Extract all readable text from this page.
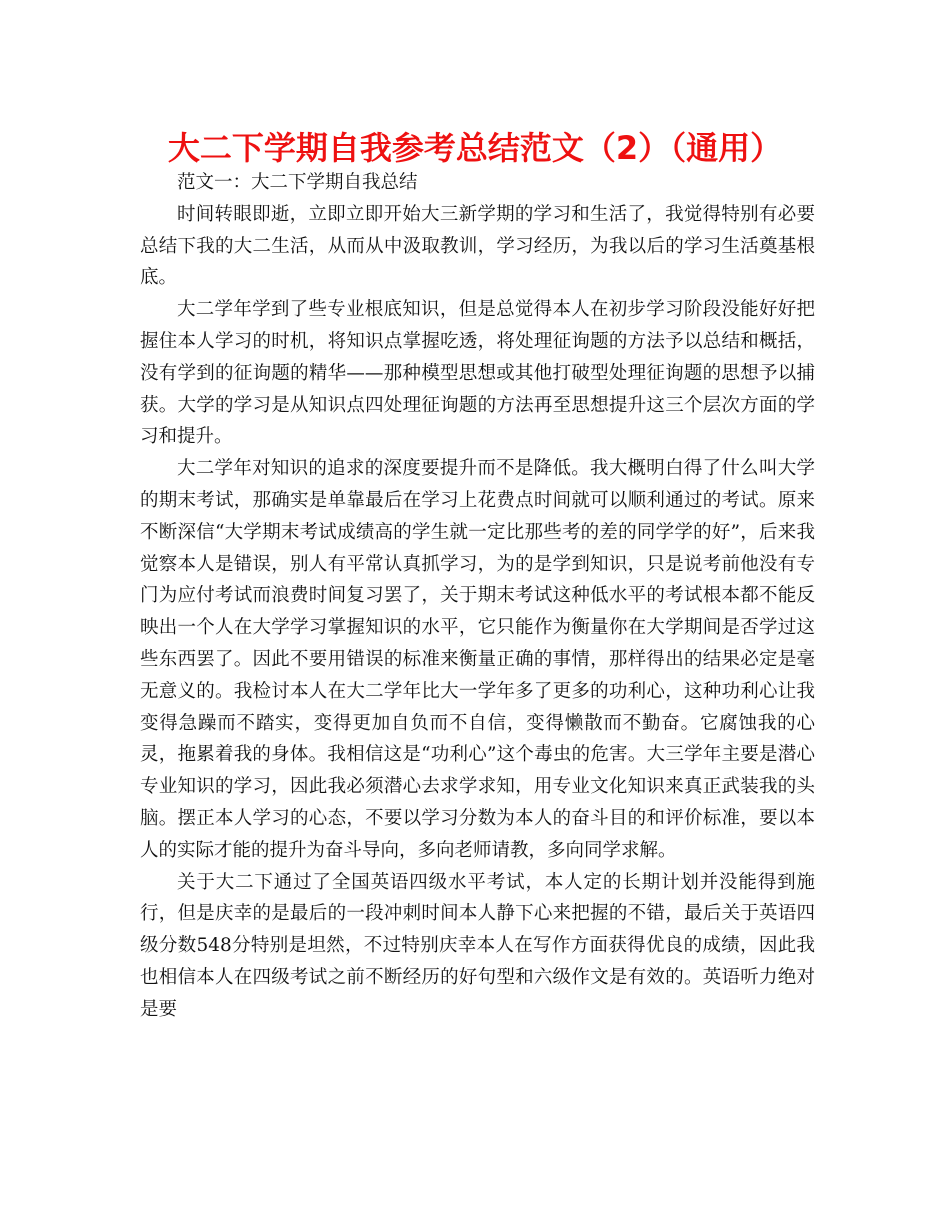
大二下学期自我参考总结范文（2）（通用）

范文一：大二下学期自我总结

时间转眼即逝，立即立即开始大三新学期的学习和生活了，我觉得特别有必要总结下我的大二生活，从而从中汲取教训，学习经历，为我以后的学习生活奠基根底。

大二学年学到了些专业根底知识，但是总觉得本人在初步学习阶段没能好好把握住本人学习的时机，将知识点掌握吃透，将处理征询题的方法予以总结和概括，没有学到的征询题的精华——那种模型思想或其他打破型处理征询题的思想予以捕获。大学的学习是从知识点四处理征询题的方法再至思想提升这三个层次方面的学习和提升。

大二学年对知识的追求的深度要提升而不是降低。我大概明白得了什么叫大学的期末考试，那确实是单靠最后在学习上花费点时间就可以顺利通过的考试。原来不断深信“大学期末考试成绩高的学生就一定比那些考的差的同学学的好”，后来我觉察本人是错误，别人有平常认真抓学习，为的是学到知识，只是说考前他没有专门为应付考试而浪费时间复习罢了，关于期末考试这种低水平的考试根本都不能反映出一个人在大学学习掌握知识的水平，它只能作为衡量你在大学期间是否学过这些东西罢了。因此不要用错误的标准来衡量正确的事情，那样得出的结果必定是毫无意义的。我检讨本人在大二学年比大一学年多了更多的功利心，这种功利心让我变得急躁而不踏实，变得更加自负而不自信，变得懒散而不勤奋。它腐蚀我的心灵，拖累着我的身体。我相信这是“功利心”这个毒虫的危害。大三学年主要是潜心专业知识的学习，因此我必须潜心去求学求知，用专业文化知识来真正武装我的头脑。摆正本人学习的心态，不要以学习分数为本人的奋斗目的和评价标准，要以本人的实际才能的提升为奋斗导向，多向老师请教，多向同学求解。

关于大二下通过了全国英语四级水平考试，本人定的长期计划并没能得到施行，但是庆幸的是最后的一段冲刺时间本人静下心来把握的不错，最后关于英语四级分数548分特别是坦然，不过特别庆幸本人在写作方面获得优良的成绩，因此我也相信本人在四级考试之前不断经历的好句型和六级作文是有效的。英语听力绝对是要
